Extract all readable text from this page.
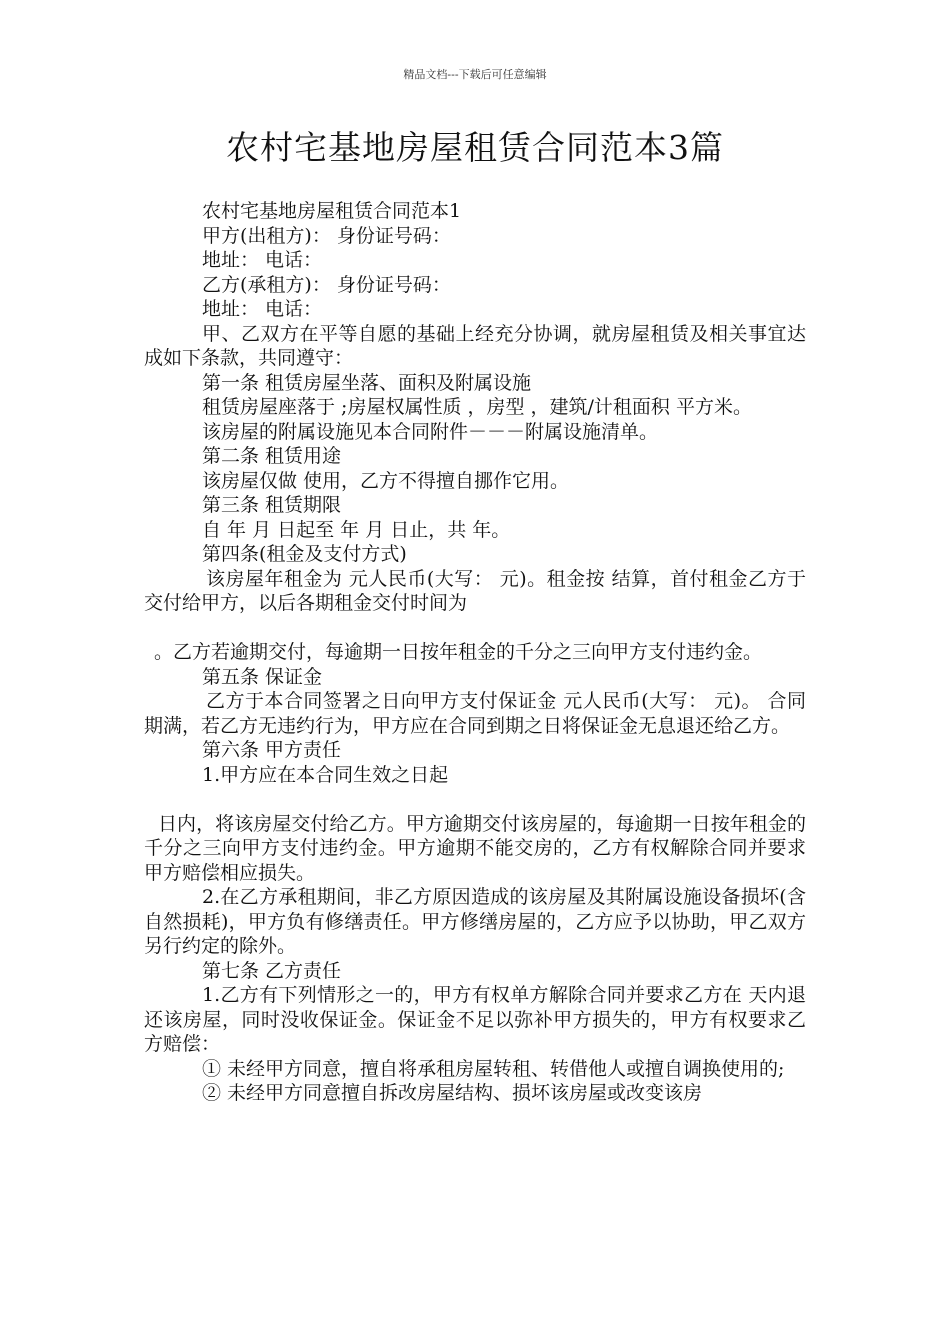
精品文档---下载后可任意编辑
农村宅基地房屋租赁合同范本3篇

农村宅基地房屋租赁合同范本1

甲方(出租方)： 身份证号码：

地址： 电话：

乙方(承租方)： 身份证号码：

地址： 电话：

甲、乙双方在平等自愿的基础上经充分协调，就房屋租赁及相关事宜达成如下条款，共同遵守：

第一条 租赁房屋坐落、面积及附属设施

租赁房屋座落于 ;房屋权属性质 ，房型 ，建筑/计租面积 平方米。

该房屋的附属设施见本合同附件－－－附属设施清单。

第二条 租赁用途

该房屋仅做 使用，乙方不得擅自挪作它用。

第三条 租赁期限

自 年 月 日起至 年 月 日止，共 年。

第四条(租金及支付方式)

该房屋年租金为 元人民币(大写： 元)。租金按 结算，首付租金乙方于 交付给甲方，以后各期租金交付时间为

。乙方若逾期交付，每逾期一日按年租金的千分之三向甲方支付违约金。

第五条 保证金

乙方于本合同签署之日向甲方支付保证金 元人民币(大写： 元)。 合同期满，若乙方无违约行为，甲方应在合同到期之日将保证金无息退还给乙方。

第六条 甲方责任

1.甲方应在本合同生效之日起

日内，将该房屋交付给乙方。甲方逾期交付该房屋的，每逾期一日按年租金的千分之三向甲方支付违约金。甲方逾期不能交房的，乙方有权解除合同并要求甲方赔偿相应损失。

2.在乙方承租期间，非乙方原因造成的该房屋及其附属设施设备损坏(含自然损耗)，甲方负有修缮责任。甲方修缮房屋的，乙方应予以协助，甲乙双方另行约定的除外。

第七条 乙方责任

1.乙方有下列情形之一的，甲方有权单方解除合同并要求乙方在 天内退还该房屋，同时没收保证金。保证金不足以弥补甲方损失的，甲方有权要求乙方赔偿：

① 未经甲方同意，擅自将承租房屋转租、转借他人或擅自调换使用的;

② 未经甲方同意擅自拆改房屋结构、损坏该房屋或改变该房
